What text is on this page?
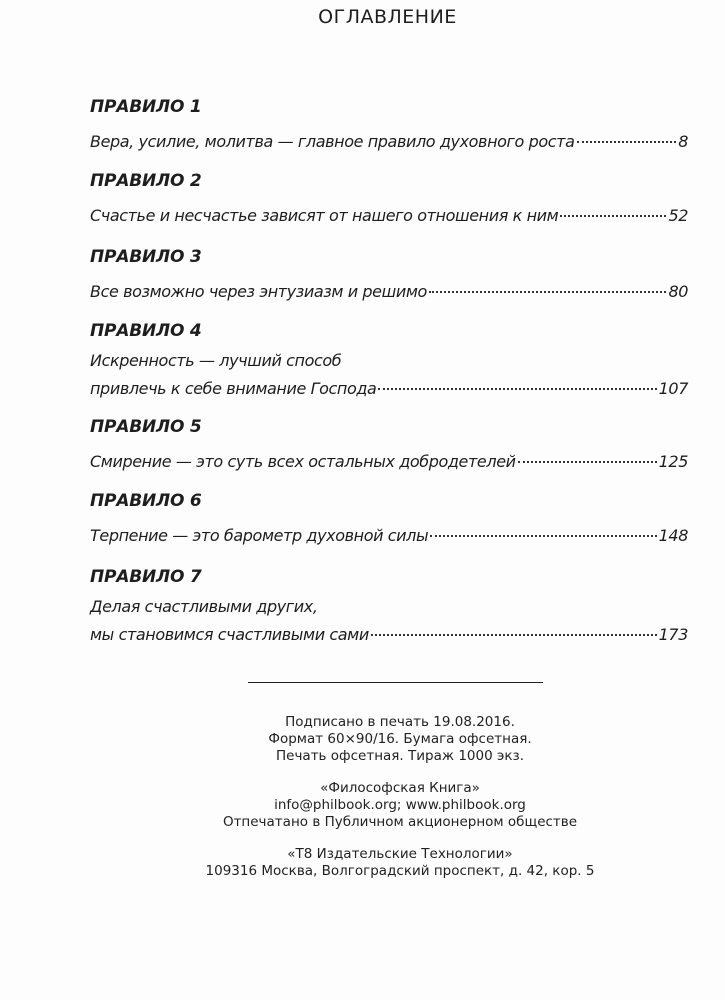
ОГЛАВЛЕНИЕ
ПРАВИЛО 1
Вера, усилие, молитва — главное правило духовного роста	8
ПРАВИЛО 2
Счастье и несчастье зависят от нашего отношения к ним	52
ПРАВИЛО 3
Все возможно через энтузиазм и решимо	80
ПРАВИЛО 4
Искренность — лучший способ
привлечь к себе внимание Господа	107
ПРАВИЛО 5
Смирение — это суть всех остальных добродетелей	125
ПРАВИЛО 6
Терпение — это барометр духовной силы	148
ПРАВИЛО 7
Делая счастливыми других,
мы становимся счастливыми сами	173
Подписано в печать 19.08.2016.
Формат 60×90/16. Бумага офсетная.
Печать офсетная. Тираж 1000 экз.
«Философская Книга»
info@philbook.org; www.philbook.org
Отпечатано в Публичном акционерном обществе
«Т8 Издательские Технологии»
109316 Москва, Волгоградский проспект, д. 42, кор. 5
